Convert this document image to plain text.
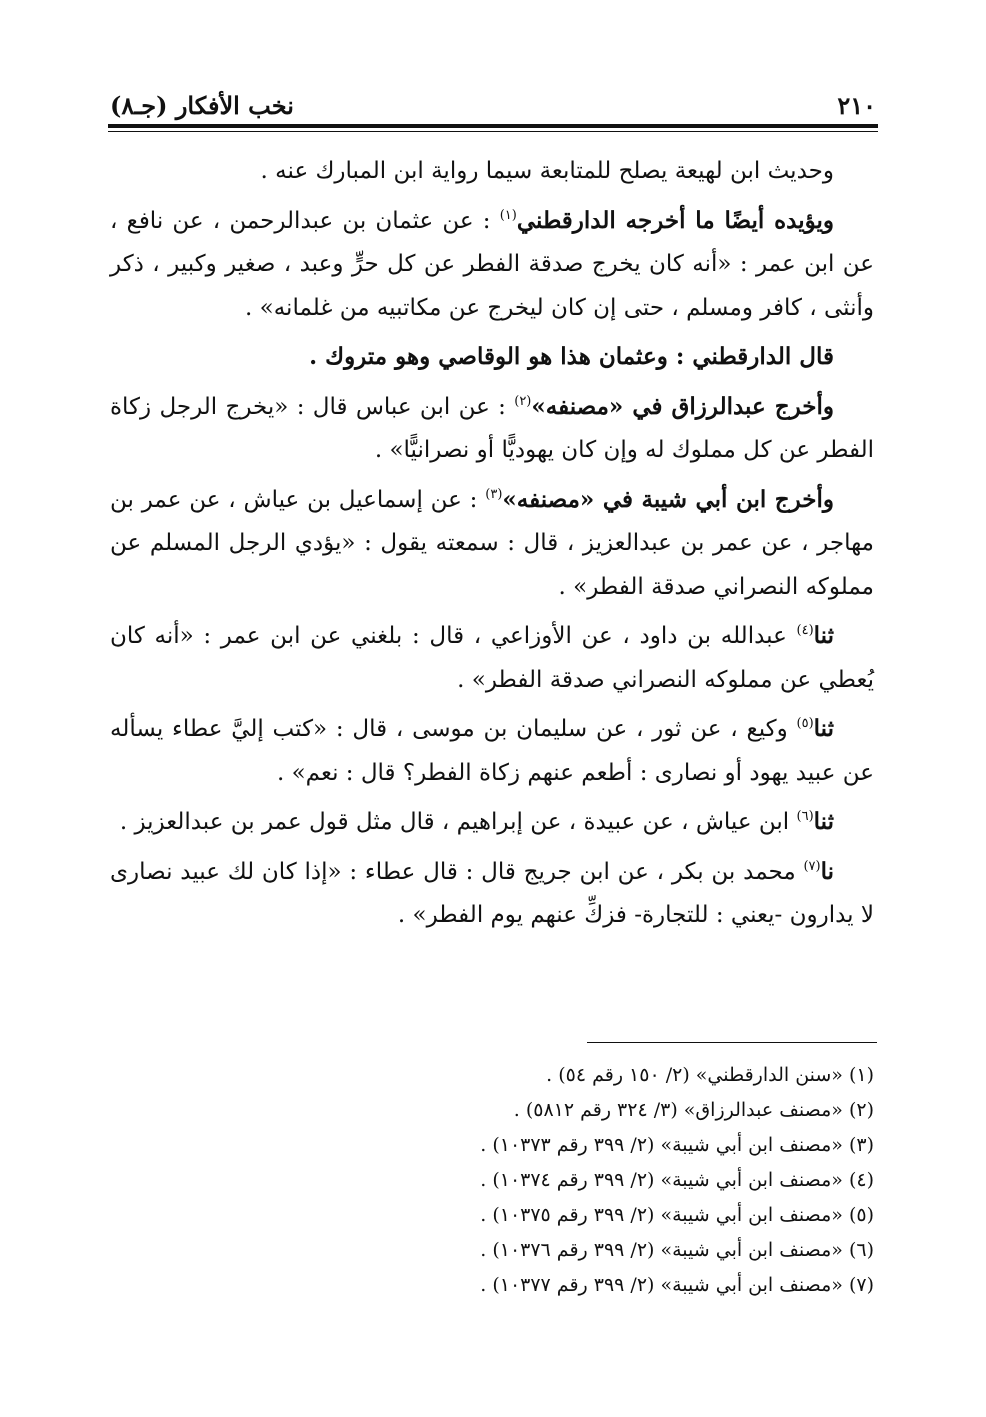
٢١٠
نخب الأفكار (جـ٨)

وحديث ابن لهيعة يصلح للمتابعة سيما رواية ابن المبارك عنه .

ويؤيده أيضًا ما أخرجه الدارقطني$^{(١)}$ : عن عثمان بن عبدالرحمن ، عن نافع ، عن ابن عمر : «أنه كان يخرج صدقة الفطر عن كل حرٍّ وعبد ، صغير وكبير ، ذكر وأنثى ، كافر ومسلم ، حتى إن كان ليخرج عن مكاتبيه من غلمانه» .

قال الدارقطني : وعثمان هذا هو الوقاصي وهو متروك .

وأخرج عبدالرزاق في «مصنفه»$^{(٢)}$ : عن ابن عباس قال : «يخرج الرجل زكاة الفطر عن كل مملوك له وإن كان يهوديًّا أو نصرانيًّا» .

وأخرج ابن أبي شيبة في «مصنفه»$^{(٣)}$ : عن إسماعيل بن عياش ، عن عمر بن مهاجر ، عن عمر بن عبدالعزيز ، قال : سمعته يقول : «يؤدي الرجل المسلم عن مملوكه النصراني صدقة الفطر» .

ثنا$^{(٤)}$ عبدالله بن داود ، عن الأوزاعي ، قال : بلغني عن ابن عمر : «أنه كان يُعطي عن مملوكه النصراني صدقة الفطر» .

ثنا$^{(٥)}$ وكيع ، عن ثور ، عن سليمان بن موسى ، قال : «كتب إليَّ عطاء يسأله عن عبيد يهود أو نصارى : أطعم عنهم زكاة الفطر؟ قال : نعم» .

ثنا$^{(٦)}$ ابن عياش ، عن عبيدة ، عن إبراهيم ، قال مثل قول عمر بن عبدالعزيز .

نا$^{(٧)}$ محمد بن بكر ، عن ابن جريج قال : قال عطاء : «إذا كان لك عبيد نصارى لا يدارون -يعني : للتجارة- فزكِّ عنهم يوم الفطر» .

(١)
«سنن الدارقطني» (٢/ ١٥٠ رقم ٥٤) .
(٢)
«مصنف عبدالرزاق» (٣/ ٣٢٤ رقم ٥٨١٢) .
(٣)
«مصنف ابن أبي شيبة» (٢/ ٣٩٩ رقم ١٠٣٧٣) .
(٤)
«مصنف ابن أبي شيبة» (٢/ ٣٩٩ رقم ١٠٣٧٤) .
(٥)
«مصنف ابن أبي شيبة» (٢/ ٣٩٩ رقم ١٠٣٧٥) .
(٦)
«مصنف ابن أبي شيبة» (٢/ ٣٩٩ رقم ١٠٣٧٦) .
(٧)
«مصنف ابن أبي شيبة» (٢/ ٣٩٩ رقم ١٠٣٧٧) .
